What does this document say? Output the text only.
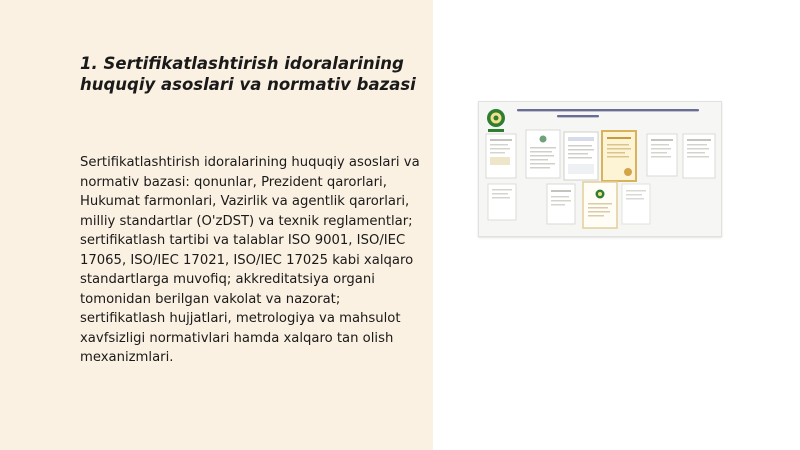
1. Sertifikatlashtirish idoralarining huquqiy asoslari va normativ bazasi

Sertifikatlashtirish idoralarining huquqiy asoslari va normativ bazasi: qonunlar, Prezident qarorlari, Hukumat farmonlari, Vazirlik va agentlik qarorlari, milliy standartlar (O'zDST) va texnik reglamentlar; sertifikatlash tartibi va talablar ISO 9001, ISO/IEC 17065, ISO/IEC 17021, ISO/IEC 17025 kabi xalqaro standartlarga muvofiq; akkreditatsiya organi tomonidan berilgan vakolat va nazorat; sertifikatlash hujjatlari, metrologiya va mahsulot xavfsizligi normativlari hamda xalqaro tan olish mexanizmlari.
